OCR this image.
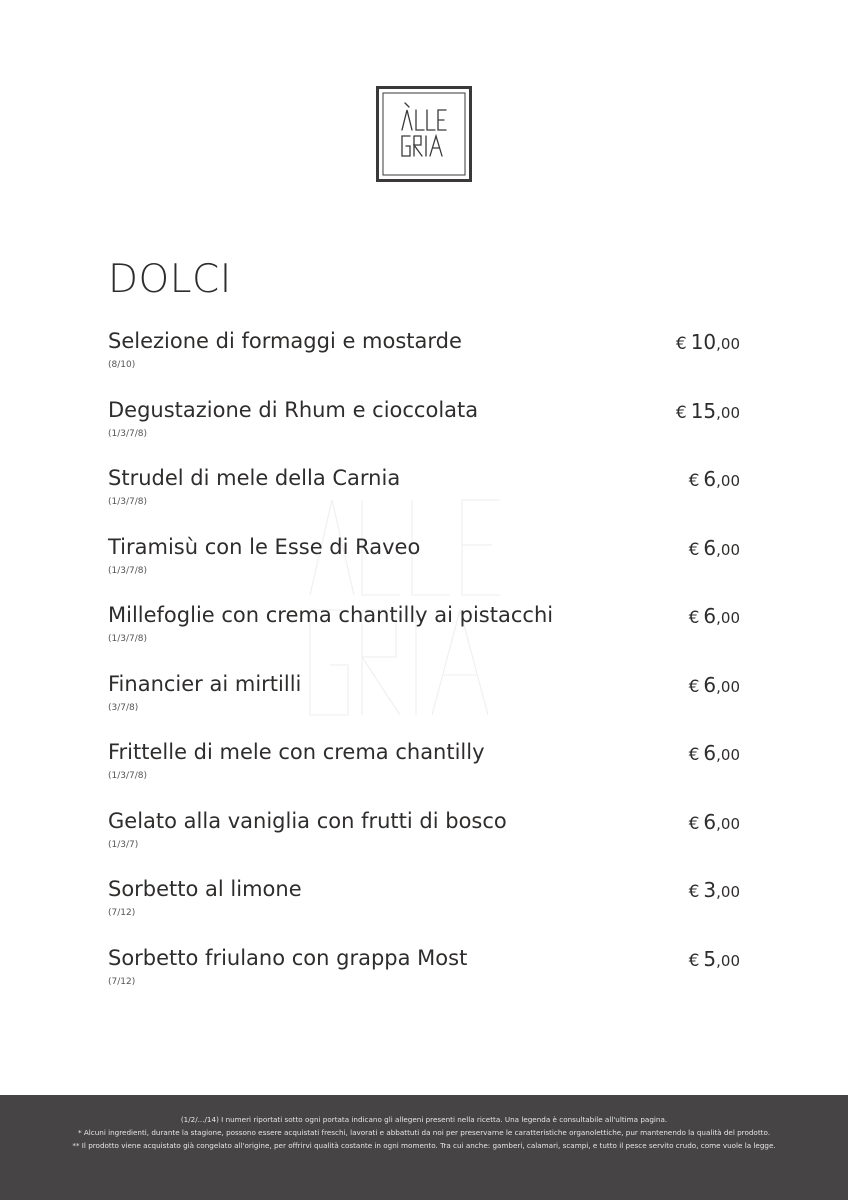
DOLCI
Selezione di formaggi e mostarde
(8/10)
€ 10,00
Degustazione di Rhum e cioccolata
(1/3/7/8)
€ 15,00
Strudel di mele della Carnia
(1/3/7/8)
€ 6,00
Tiramisù con le Esse di Raveo
(1/3/7/8)
€ 6,00
Millefoglie con crema chantilly ai pistacchi
(1/3/7/8)
€ 6,00
Financier ai mirtilli
(3/7/8)
€ 6,00
Frittelle di mele con crema chantilly
(1/3/7/8)
€ 6,00
Gelato alla vaniglia con frutti di bosco
(1/3/7)
€ 6,00
Sorbetto al limone
(7/12)
€ 3,00
Sorbetto friulano con grappa Most
(7/12)
€ 5,00

(1/2/.../14) I numeri riportati sotto ogni portata indicano gli allegeni presenti nella ricetta. Una legenda è consultabile all'ultima pagina.

* Alcuni ingredienti, durante la stagione, possono essere acquistati freschi, lavorati e abbattuti da noi per preservarne le caratteristiche organolettiche, pur mantenendo la qualità del prodotto.

** Il prodotto viene acquistato già congelato all'origine, per offrirvi qualità costante in ogni momento. Tra cui anche: gamberi, calamari, scampi, e tutto il pesce servito crudo, come vuole la legge.
